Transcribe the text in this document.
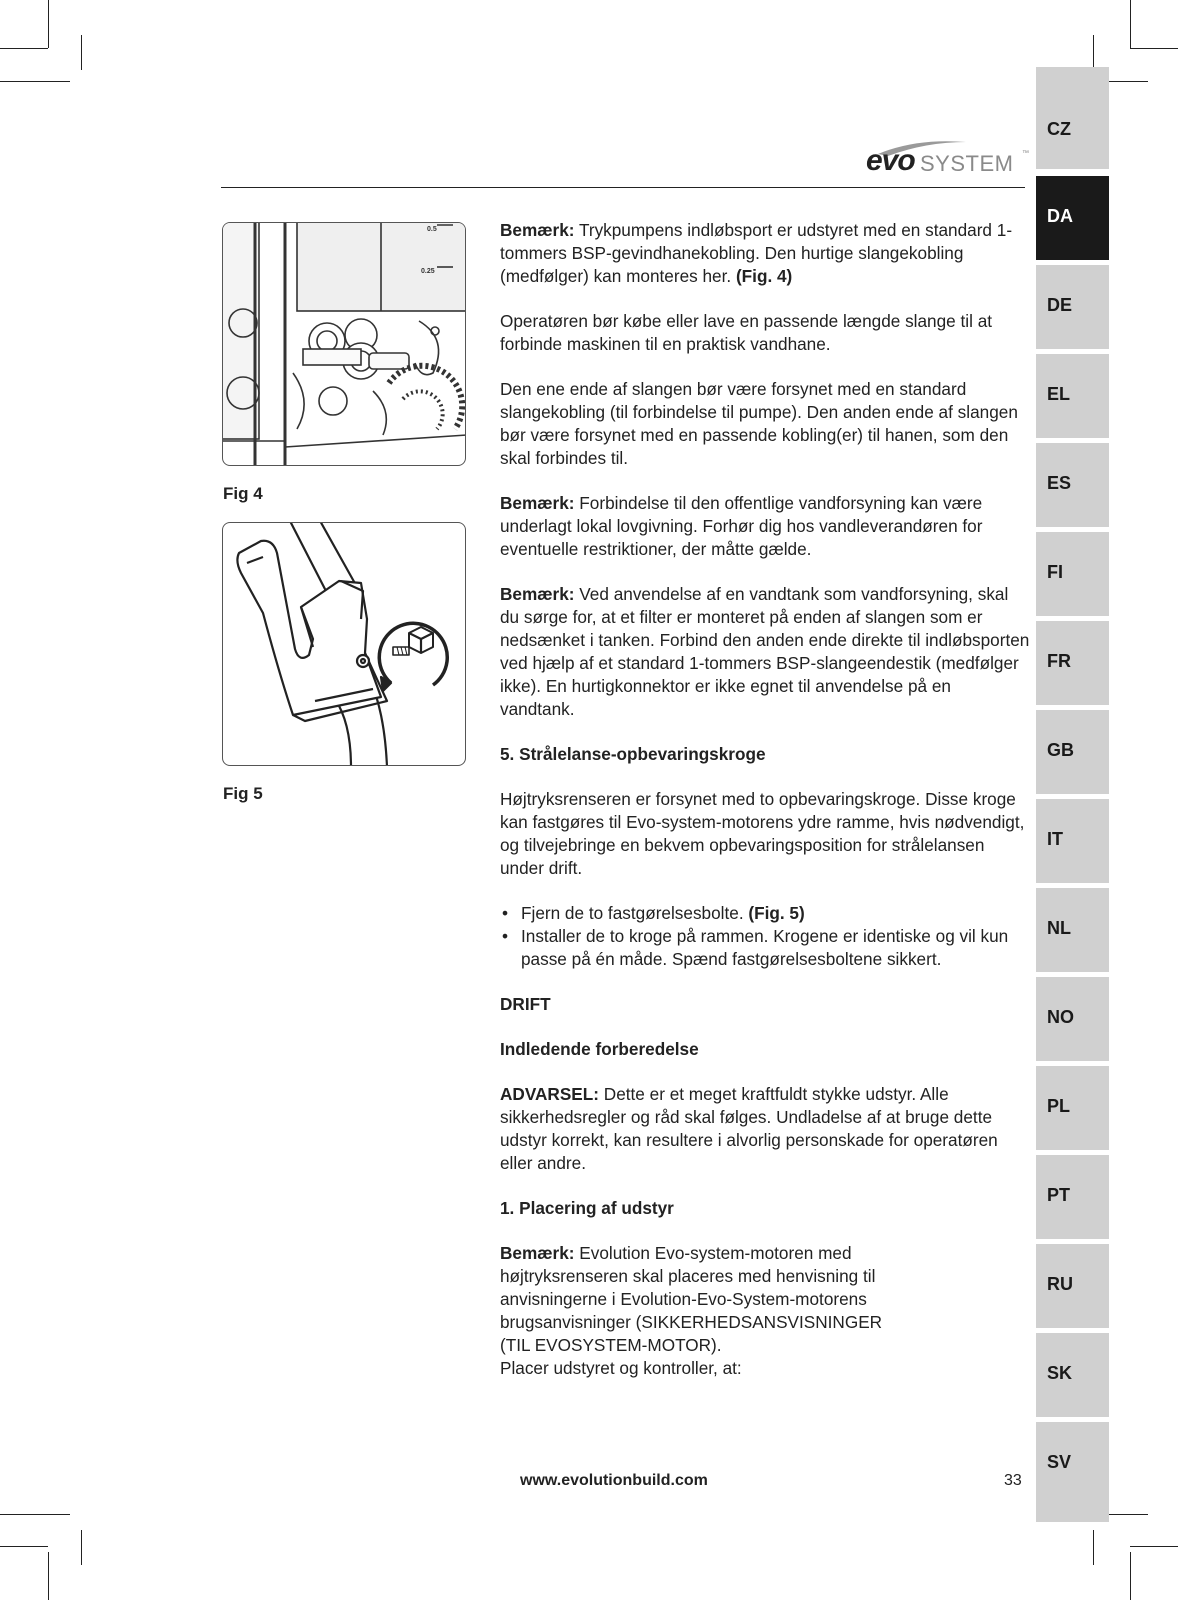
evo SYSTEM ™
CZ
DA
DE
EL
ES
FI
FR
GB
IT
NL
NO
PL
PT
RU
SK
SV
0.5
0.25
Fig 4
Fig 5

Bemærk: Trykpumpens indløbsport er udstyret med en standard 1-tommers BSP-gevindhanekobling. Den hurtige slangekobling (medfølger) kan monteres her. (Fig. 4)

Operatøren bør købe eller lave en passende længde slange til at forbinde maskinen til en praktisk vandhane.

Den ene ende af slangen bør være forsynet med en standard slangekobling (til forbindelse til pumpe). Den anden ende af slangen bør være forsynet med en passende kobling(er) til hanen, som den skal forbindes til.

Bemærk: Forbindelse til den offentlige vandforsyning kan være underlagt lokal lovgivning. Forhør dig hos vandleverandøren for eventuelle restriktioner, der måtte gælde.

Bemærk: Ved anvendelse af en vandtank som vandforsyning, skal du sørge for, at et filter er monteret på enden af slangen som er nedsænket i tanken. Forbind den anden ende direkte til indløbsporten ved hjælp af et standard 1-tommers BSP-slangeendestik (medfølger ikke). En hurtigkonnektor er ikke egnet til anvendelse på en vandtank.

5. Strålelanse-opbevaringskroge

Højtryksrenseren er forsynet med to opbevaringskroge. Disse kroge kan fastgøres til Evo-system-motorens ydre ramme, hvis nødvendigt, og tilvejebringe en bekvem opbevaringsposition for strålelansen under drift.

• Fjern de to fastgørelsesbolte. (Fig. 5)
• Installer de to kroge på rammen. Krogene er identiske og vil kun passe på én måde. Spænd fastgørelsesboltene sikkert.
DRIFT
Indledende forberedelse

ADVARSEL: Dette er et meget kraftfuldt stykke udstyr. Alle sikkerhedsregler og råd skal følges. Undladelse af at bruge dette udstyr korrekt, kan resultere i alvorlig personskade for operatøren eller andre.

1. Placering af udstyr

Bemærk: Evolution Evo-system-motoren med
højtryksrenseren skal placeres med henvisning til
anvisningerne i Evolution-Evo-System-motorens
brugsanvisninger (SIKKERHEDSANSVISNINGER
(TIL EVOSYSTEM-MOTOR).
Placer udstyret og kontroller, at:

www.evolutionbuild.com	33
